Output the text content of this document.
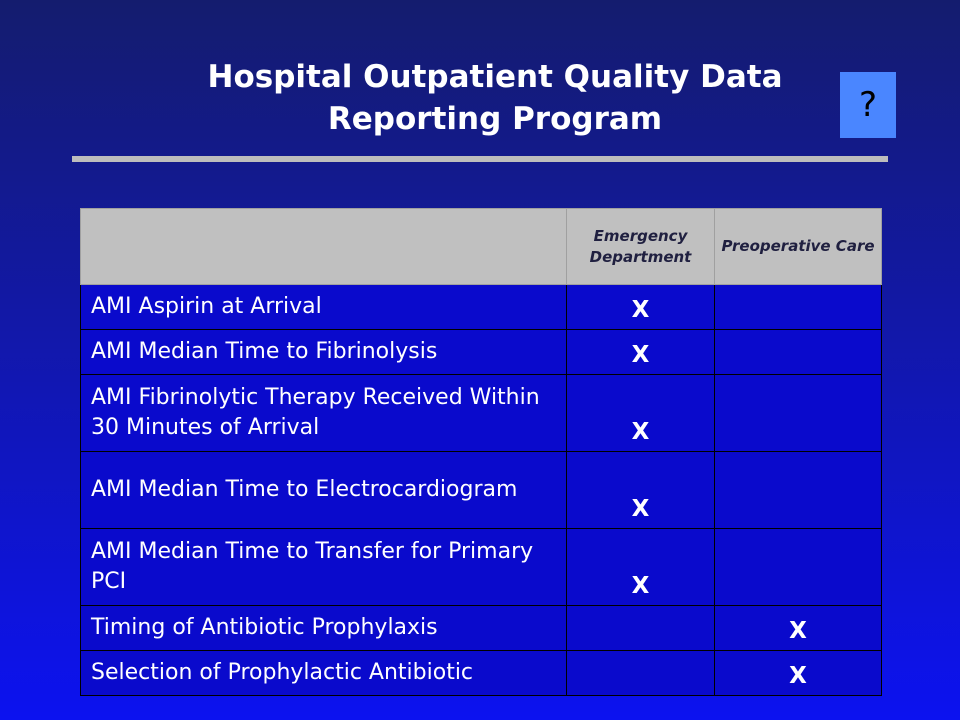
Hospital Outpatient Quality Data
Reporting Program	?
	Emergency Department	Preoperative Care
AMI Aspirin at Arrival	X	
AMI Median Time to Fibrinolysis	X	
AMI Fibrinolytic Therapy Received Within 30 Minutes of Arrival	X	
AMI Median Time to Electrocardiogram	X	
AMI Median Time to Transfer for Primary PCI	X	
Timing of Antibiotic Prophylaxis		X
Selection of Prophylactic Antibiotic		X
